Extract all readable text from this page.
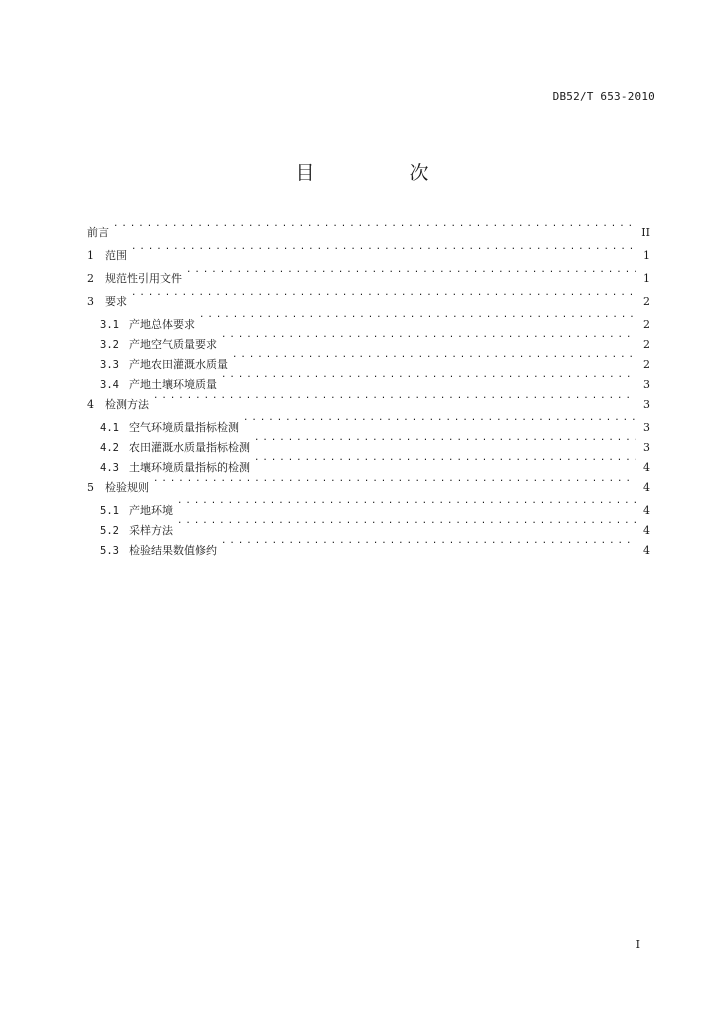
DB52/T 653-2010
目　次
前言 . . .	II
1	范围 . . .	1
2	规范性引用文件 . . .	1
3	要求 . . .	2
3.1 产地总体要求 . . .	2
3.2 产地空气质量要求 . . .	2
3.3 产地农田灌溉水质量 . . .	2
3.4 产地土壤环境质量 . . .	3
4	检测方法 . . .	3
4.1 空气环境质量指标检测 . . .	3
4.2 农田灌溉水质量指标检测 . . .	3
4.3 土壤环境质量指标的检测 . . .	4
5	检验规则 . . .	4
5.1 产地环境 . . .	4
5.2 采样方法 . . .	4
5.3 检验结果数值修约 . . .	4
I
